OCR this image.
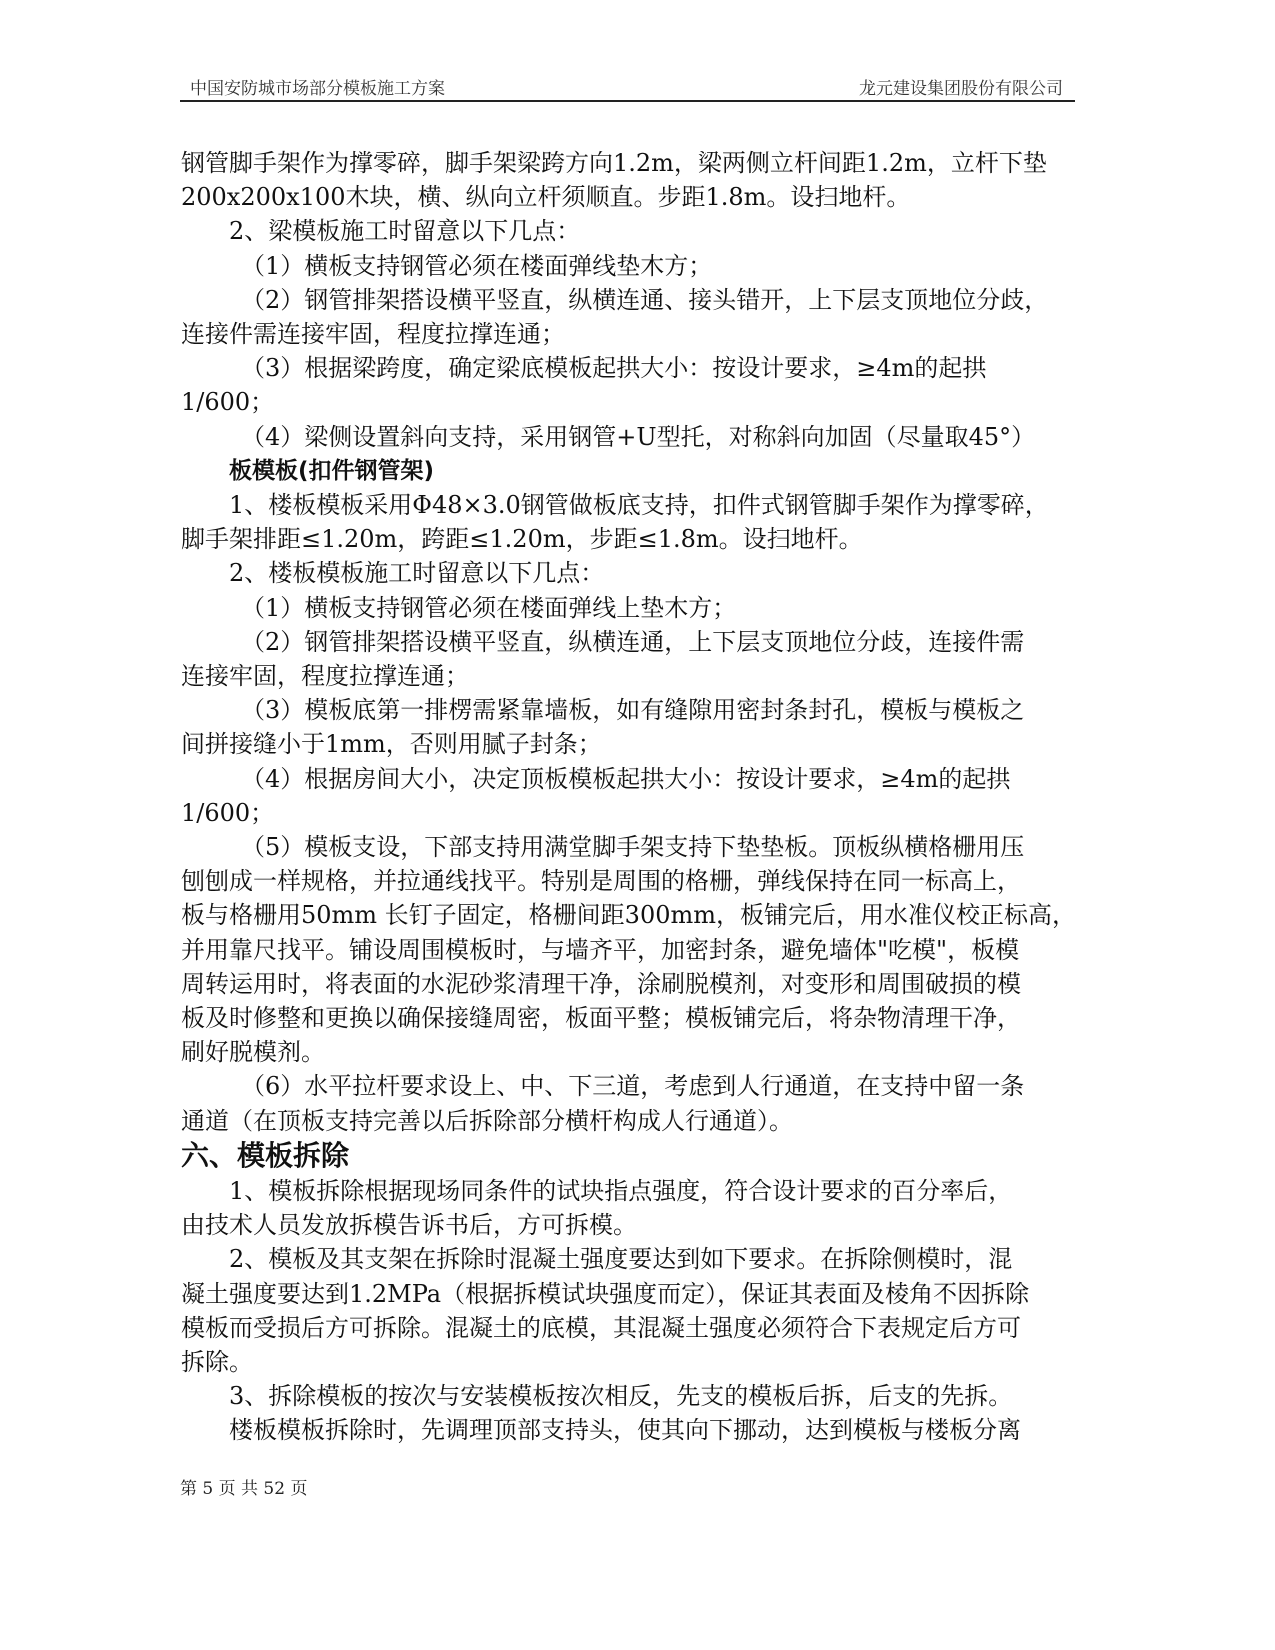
中国安防城市场部分模板施工方案	龙元建设集团股份有限公司

钢管脚手架作为撑零碎，脚手架梁跨方向1.2m，梁两侧立杆间距1.2m，立杆下垫

200x200x100木块，横、纵向立杆须顺直。步距1.8m。设扫地杆。

2、梁模板施工时留意以下几点：

（1）横板支持钢管必须在楼面弹线垫木方；

（2）钢管排架搭设横平竖直，纵横连通、接头错开，上下层支顶地位分歧，

连接件需连接牢固，程度拉撑连通；

（3）根据梁跨度，确定梁底模板起拱大小：按设计要求，≥4m的起拱

1/600；

（4）梁侧设置斜向支持，采用钢管+U型托，对称斜向加固（尽量取45°）

板模板(扣件钢管架)

1、楼板模板采用Φ48×3.0钢管做板底支持，扣件式钢管脚手架作为撑零碎，

脚手架排距≤1.20m，跨距≤1.20m，步距≤1.8m。设扫地杆。

2、楼板模板施工时留意以下几点：

（1）横板支持钢管必须在楼面弹线上垫木方；

（2）钢管排架搭设横平竖直，纵横连通，上下层支顶地位分歧，连接件需

连接牢固，程度拉撑连通；

（3）模板底第一排楞需紧靠墙板，如有缝隙用密封条封孔，模板与模板之

间拼接缝小于1mm，否则用腻子封条；

（4）根据房间大小，决定顶板模板起拱大小：按设计要求，≥4m的起拱

1/600；

（5）模板支设，下部支持用满堂脚手架支持下垫垫板。顶板纵横格栅用压

刨刨成一样规格，并拉通线找平。特别是周围的格栅，弹线保持在同一标高上，

板与格栅用50mm 长钉子固定，格栅间距300mm，板铺完后，用水准仪校正标高，

并用靠尺找平。铺设周围模板时，与墙齐平，加密封条，避免墙体"吃模"，板模

周转运用时，将表面的水泥砂浆清理干净，涂刷脱模剂，对变形和周围破损的模

板及时修整和更换以确保接缝周密，板面平整；模板铺完后，将杂物清理干净，

刷好脱模剂。

（6）水平拉杆要求设上、中、下三道，考虑到人行通道，在支持中留一条

通道（在顶板支持完善以后拆除部分横杆构成人行通道）。

六、模板拆除

1、模板拆除根据现场同条件的试块指点强度，符合设计要求的百分率后，

由技术人员发放拆模告诉书后，方可拆模。

2、模板及其支架在拆除时混凝土强度要达到如下要求。在拆除侧模时，混

凝土强度要达到1.2MPa（根据拆模试块强度而定），保证其表面及棱角不因拆除

模板而受损后方可拆除。混凝土的底模，其混凝土强度必须符合下表规定后方可

拆除。

3、拆除模板的按次与安装模板按次相反，先支的模板后拆，后支的先拆。

楼板模板拆除时，先调理顶部支持头，使其向下挪动，达到模板与楼板分离

第 5 页 共 52 页
